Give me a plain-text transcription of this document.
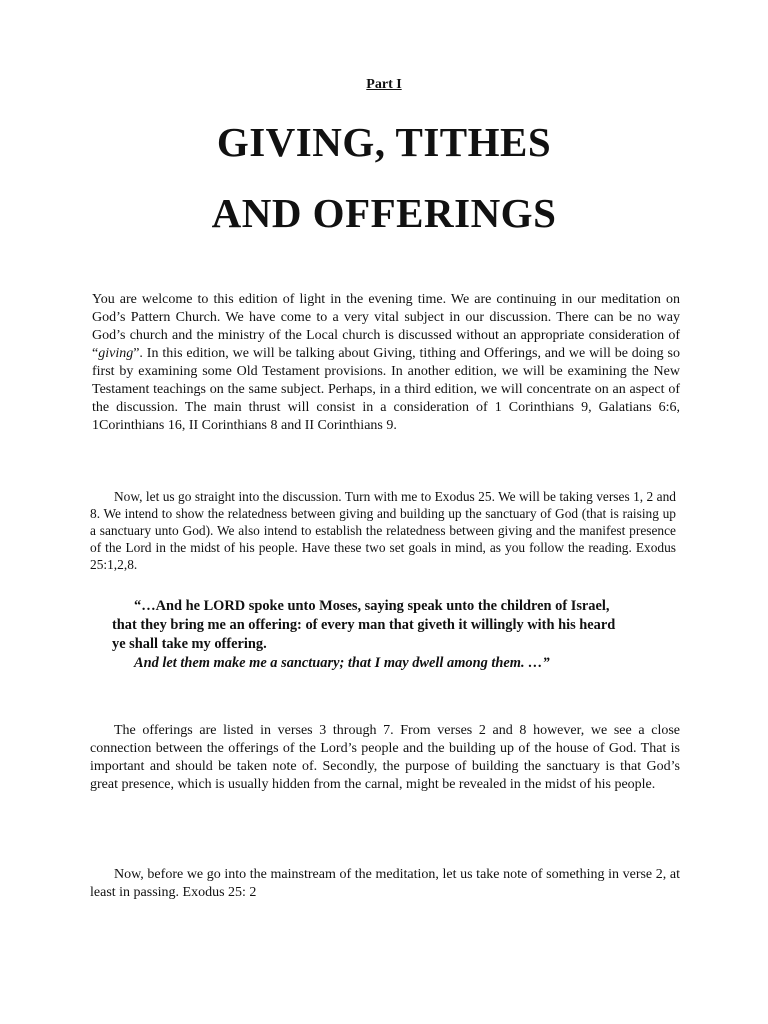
Part I
GIVING, TITHES
AND OFFERINGS

You are welcome to this edition of light in the evening time. We are continuing in our meditation on God’s Pattern Church. We have come to a very vital subject in our discussion. There can be no way God’s church and the ministry of the Local church is discussed without an appropriate consideration of “giving”. In this edition, we will be talking about Giving, tithing and Offerings, and we will be doing so first by examining some Old Testament provisions. In another edition, we will be examining the New Testament teachings on the same subject. Perhaps, in a third edition, we will concentrate on an aspect of the discussion. The main thrust will consist in a consideration of 1 Corinthians 9, Galatians 6:6, 1Corinthians 16, II Corinthians 8 and II Corinthians 9.

Now, let us go straight into the discussion. Turn with me to Exodus 25. We will be taking verses 1, 2 and 8. We intend to show the relatedness between giving and building up the sanctuary of God (that is raising up a sanctuary unto God). We also intend to establish the relatedness between giving and the manifest presence of the Lord in the midst of his people. Have these two set goals in mind, as you follow the reading. Exodus 25:1,2,8.

“…And he LORD spoke unto Moses, saying speak unto the children of Israel,
that they bring me an offering: of every man that giveth it willingly with his heard
ye shall take my offering.
And let them make me a sanctuary; that I may dwell among them. …”

The offerings are listed in verses 3 through 7. From verses 2 and 8 however, we see a close connection between the offerings of the Lord’s people and the building up of the house of God. That is important and should be taken note of. Secondly, the purpose of building the sanctuary is that God’s great presence, which is usually hidden from the carnal, might be revealed in the midst of his people.

Now, before we go into the mainstream of the meditation, let us take note of something in verse 2, at least in passing. Exodus 25: 2
